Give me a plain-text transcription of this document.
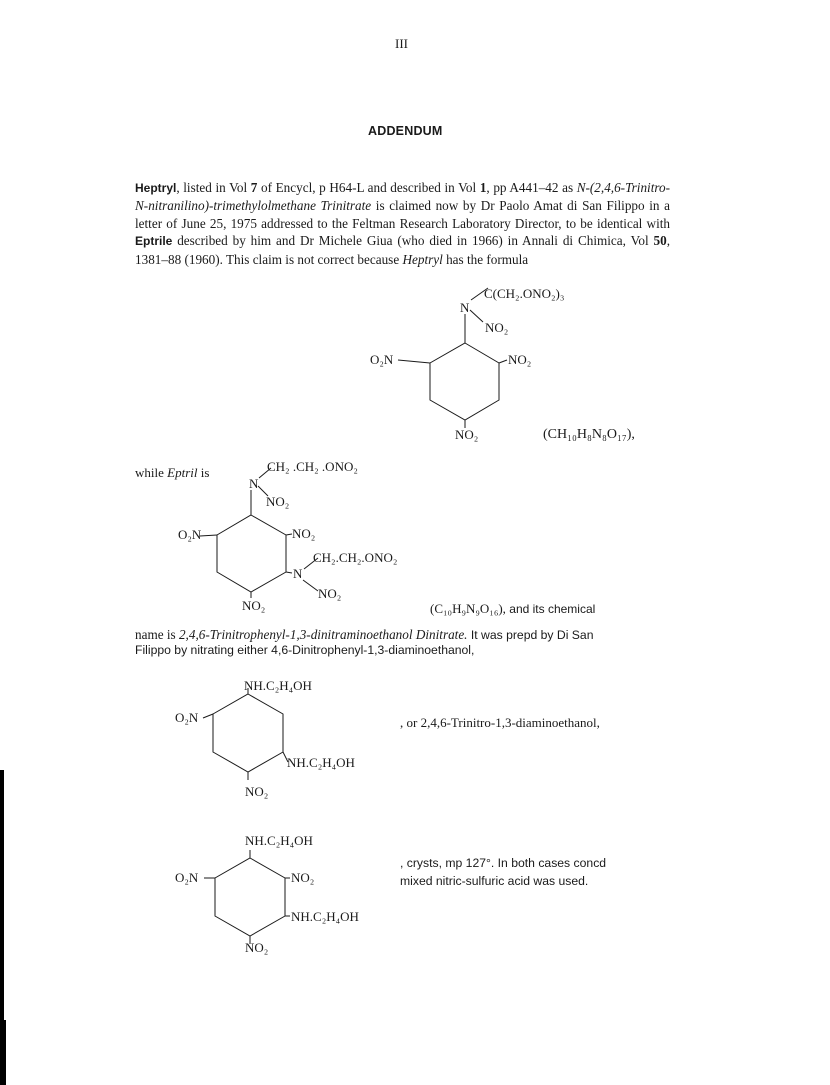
III
ADDENDUM
Heptryl, listed in Vol 7 of Encycl, p H64-L and described in Vol 1, pp A441–42 as N-(2,4,6-Trinitro-N-nitranilino)-trimethylolmethane Trinitrate is claimed now by Dr Paolo Amat di San Filippo in a letter of June 25, 1975 addressed to the Feltman Research Laboratory Director, to be identical with Eptrile described by him and Dr Michele Giua (who died in 1966) in Annali di Chimica, Vol 50, 1381–88 (1960). This claim is not correct because Heptryl has the formula
C(CH₂.ONO₂)₃
N
NO₂
O₂N	NO₂
NO₂	(CH₁₀H₈N₈O₁₇),
while Eptril is	CH₂ .CH₂ .ONO₂
N
NO₂
O₂N	NO₂
CH₂.CH₂.ONO₂
N
NO₂
NO₂	(C₁₀H₉N₉O₁₆), and its chemical
name is 2,4,6-Trinitrophenyl-1,3-dinitraminoethanol Dinitrate. It was prepd by Di San
Filippo by nitrating either 4,6-Dinitrophenyl-1,3-diaminoethanol,
NH.C₂H₄OH
O₂N
NH.C₂H₄OH
NO₂
, or 2,4,6-Trinitro-1,3-diaminoethanol,
NH.C₂H₄OH
O₂N	NO₂
NH.C₂H₄OH
NO₂
, crysts, mp 127°. In both cases concd
mixed nitric-sulfuric acid was used.
